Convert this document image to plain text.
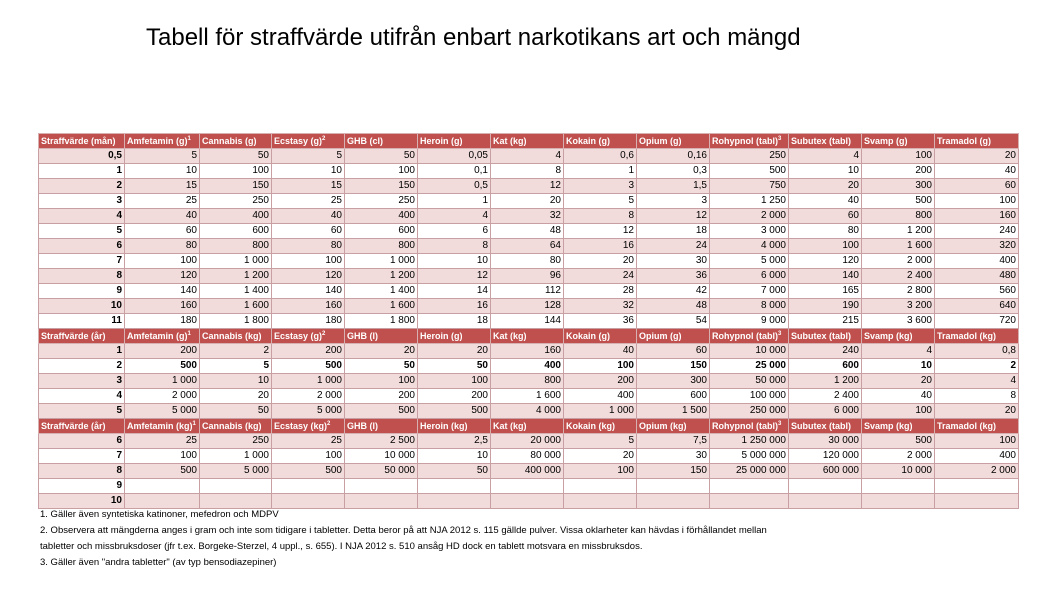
Tabell för straffvärde utifrån enbart narkotikans art och mängd
Straffvärde (mån)	Amfetamin $(g)^1$	Cannabis (g)	Ecstasy $(g)^2$	GHB (cl)	Heroin (g)	Kat (kg)	Kokain (g)	Opium (g)	Rohypnol (tabl)$^3$	Subutex (tabl)	Svamp (g)	Tramadol (g)
0,5	5	50	5	50	0,05	4	0,6	0,16	250	4	100	20
1	10	100	10	100	0,1	8	1	0,3	500	10	200	40
2	15	150	15	150	0,5	12	3	1,5	750	20	300	60
3	25	250	25	250	1	20	5	3	1 250	40	500	100
4	40	400	40	400	4	32	8	12	2 000	60	800	160
5	60	600	60	600	6	48	12	18	3 000	80	1 200	240
6	80	800	80	800	8	64	16	24	4 000	100	1 600	320
7	100	1 000	100	1 000	10	80	20	30	5 000	120	2 000	400
8	120	1 200	120	1 200	12	96	24	36	6 000	140	2 400	480
9	140	1 400	140	1 400	14	112	28	42	7 000	165	2 800	560
10	160	1 600	160	1 600	16	128	32	48	8 000	190	3 200	640
11	180	1 800	180	1 800	18	144	36	54	9 000	215	3 600	720
Straffvärde (år)	Amfetamin $(g)^1$	Cannabis (kg)	Ecstasy $(g)^2$	GHB (l)	Heroin (g)	Kat (kg)	Kokain (g)	Opium (g)	Rohypnol (tabl)$^3$	Subutex (tabl)	Svamp (kg)	Tramadol (kg)
1	200	2	200	20	20	160	40	60	10 000	240	4	0,8
2	500	5	500	50	50	400	100	150	25 000	600	10	2
3	1 000	10	1 000	100	100	800	200	300	50 000	1 200	20	4
4	2 000	20	2 000	200	200	1 600	400	600	100 000	2 400	40	8
5	5 000	50	5 000	500	500	4 000	1 000	1 500	250 000	6 000	100	20
Straffvärde (år)	Amfetamin (kg)$^1$	Cannabis (kg)	Ecstasy (kg)$^2$	GHB (l)	Heroin (kg)	Kat (kg)	Kokain (kg)	Opium (kg)	Rohypnol (tabl)$^3$	Subutex (tabl)	Svamp (kg)	Tramadol (kg)
6	25	250	25	2 500	2,5	20 000	5	7,5	1 250 000	30 000	500	100
7	100	1 000	100	10 000	10	80 000	20	30	5 000 000	120 000	2 000	400
8	500	5 000	500	50 000	50	400 000	100	150	25 000 000	600 000	10 000	2 000
9												
10												

1. Gäller även syntetiska katinoner, mefedron och MDPV

2. Observera att mängderna anges i gram och inte som tidigare i tabletter. Detta beror på att NJA 2012 s. 115 gällde pulver. Vissa oklarheter kan hävdas i förhållandet mellan

tabletter och missbruksdoser (jfr t.ex. Borgeke-Sterzel, 4 uppl., s. 655). I NJA 2012 s. 510 ansåg HD dock en tablett motsvara en missbruksdos.

3. Gäller även "andra tabletter" (av typ bensodiazepiner)
